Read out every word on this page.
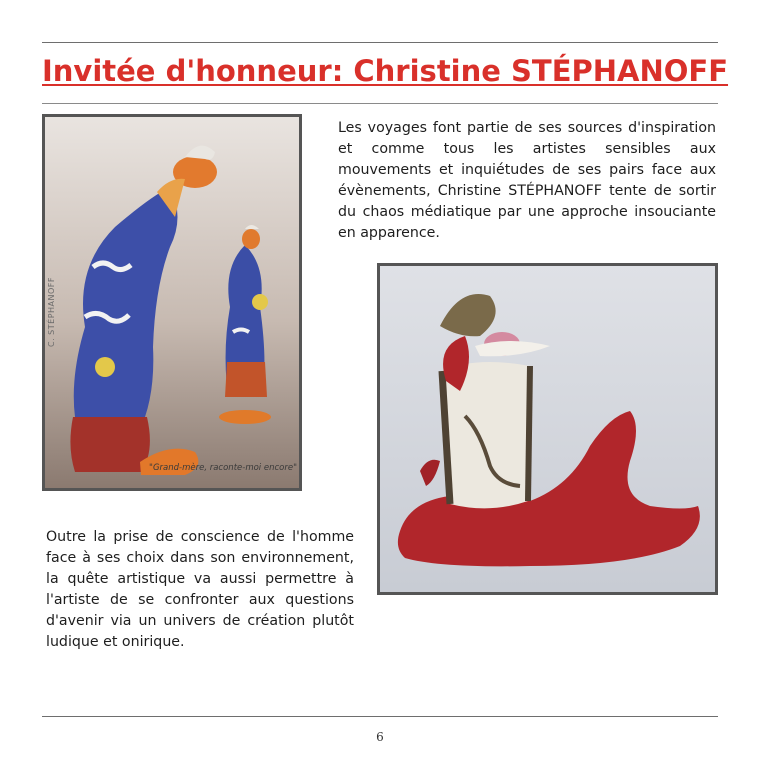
Invitée d'honneur: Christine STÉPHANOFF

Les voyages font partie de ses sources d'inspiration et comme tous les artistes sensibles aux mouvements et inquiétudes de ses pairs face aux évènements, Christine STÉPHANOFF tente de sortir du chaos médiatique par une approche insouciante en apparence.

"Grand-mère, raconte-moi encore"
C. STÉPHANOFF

Outre la prise de conscience de l'homme face à ses choix dans son environnement, la quête artistique va aussi permettre à l'artiste de se confronter aux questions d'avenir via un univers de création plutôt ludique et onirique.

6
